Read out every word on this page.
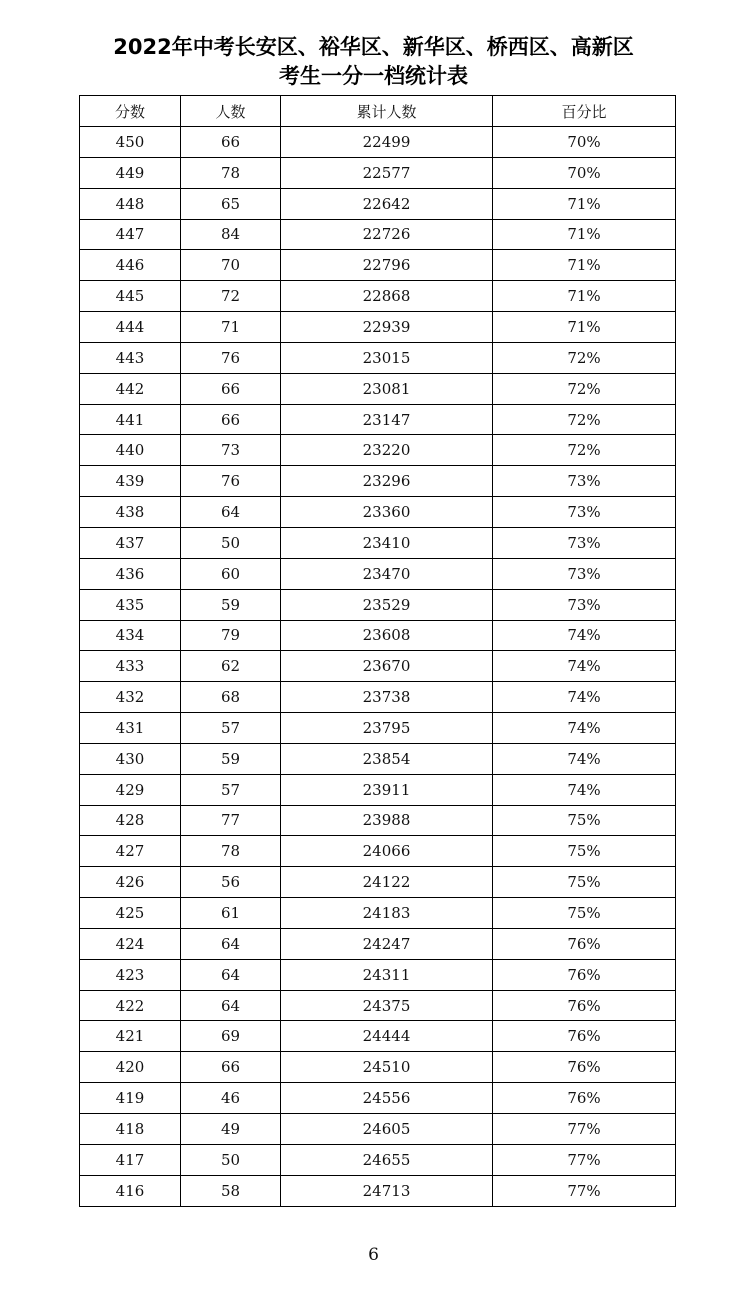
2022年中考长安区、裕华区、新华区、桥西区、高新区
考生一分一档统计表
分数	人数	累计人数	百分比
450	66	22499	70%
449	78	22577	70%
448	65	22642	71%
447	84	22726	71%
446	70	22796	71%
445	72	22868	71%
444	71	22939	71%
443	76	23015	72%
442	66	23081	72%
441	66	23147	72%
440	73	23220	72%
439	76	23296	73%
438	64	23360	73%
437	50	23410	73%
436	60	23470	73%
435	59	23529	73%
434	79	23608	74%
433	62	23670	74%
432	68	23738	74%
431	57	23795	74%
430	59	23854	74%
429	57	23911	74%
428	77	23988	75%
427	78	24066	75%
426	56	24122	75%
425	61	24183	75%
424	64	24247	76%
423	64	24311	76%
422	64	24375	76%
421	69	24444	76%
420	66	24510	76%
419	46	24556	76%
418	49	24605	77%
417	50	24655	77%
416	58	24713	77%
6
